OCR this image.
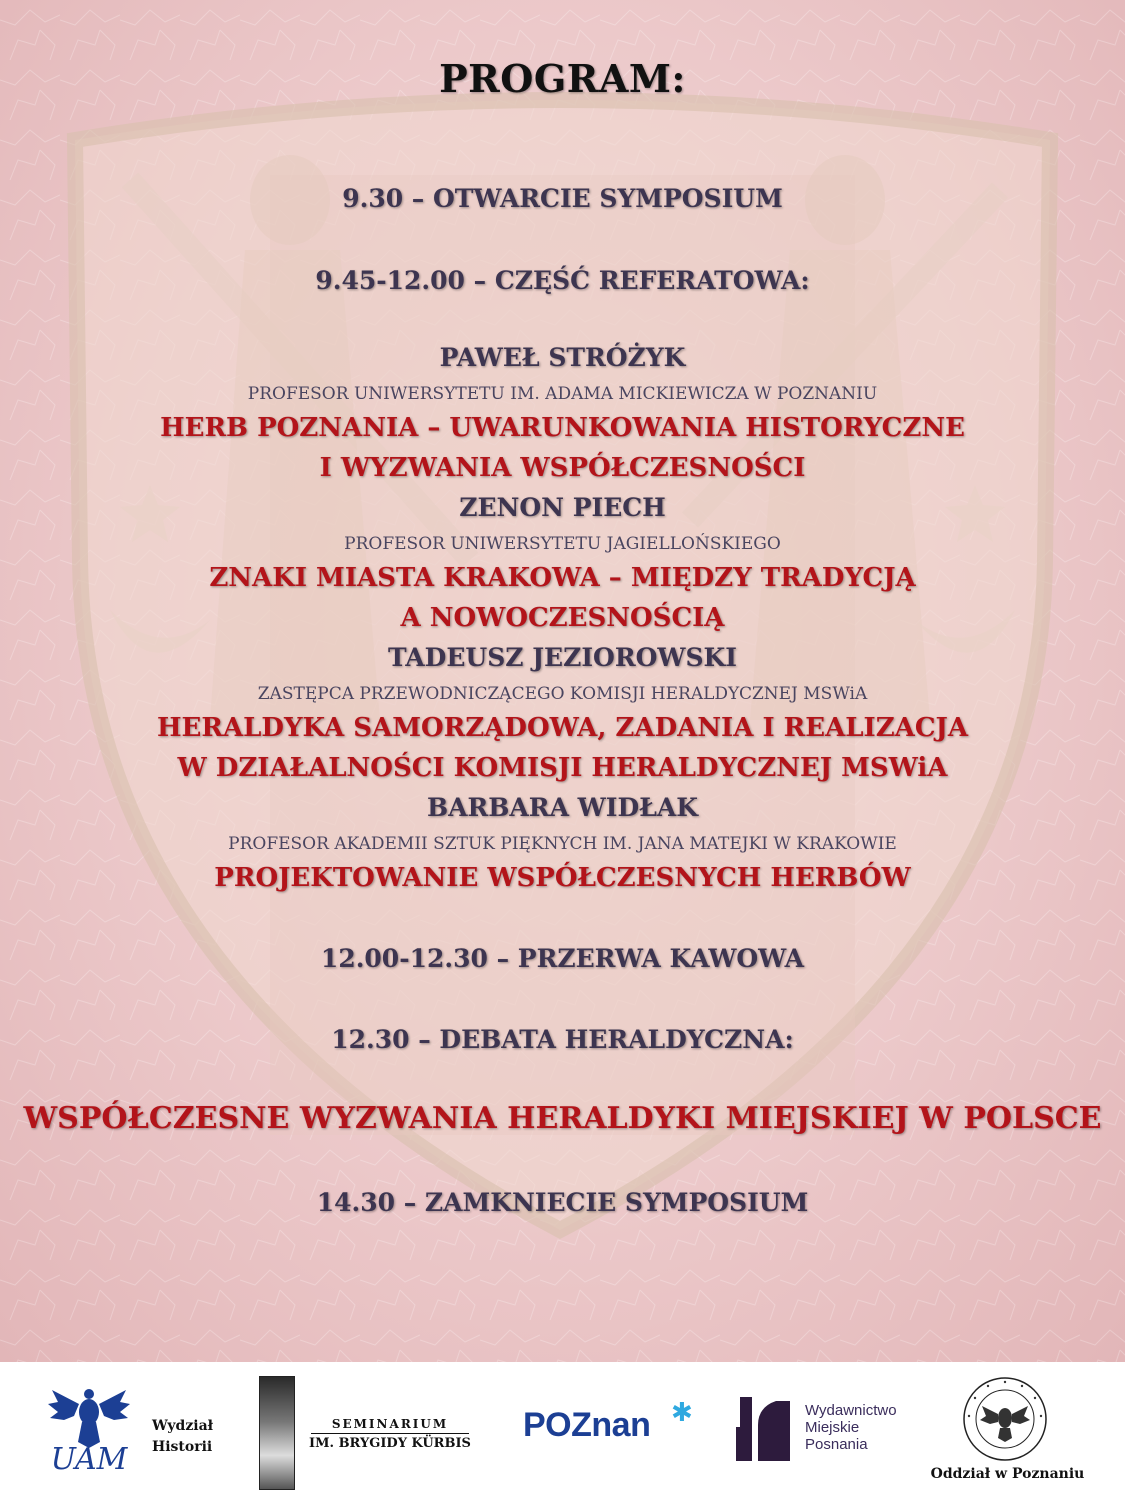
PROGRAM:
9.30 – OTWARCIE SYMPOSIUM
9.45-12.00 – CZĘŚĆ REFERATOWA:
PAWEŁ STRÓŻYK
PROFESOR UNIWERSYTETU IM. ADAMA MICKIEWICZA W POZNANIU
HERB POZNANIA – UWARUNKOWANIA HISTORYCZNE
I WYZWANIA WSPÓŁCZESNOŚCI
ZENON PIECH
PROFESOR UNIWERSYTETU JAGIELLOŃSKIEGO
ZNAKI MIASTA KRAKOWA – MIĘDZY TRADYCJĄ
A NOWOCZESNOŚCIĄ
TADEUSZ JEZIOROWSKI
ZASTĘPCA PRZEWODNICZĄCEGO KOMISJI HERALDYCZNEJ MSWiA
HERALDYKA SAMORZĄDOWA, ZADANIA I REALIZACJA
W DZIAŁALNOŚCI KOMISJI HERALDYCZNEJ MSWiA
BARBARA WIDŁAK
PROFESOR AKADEMII SZTUK PIĘKNYCH IM. JANA MATEJKI W KRAKOWIE
PROJEKTOWANIE WSPÓŁCZESNYCH HERBÓW
12.00-12.30 – PRZERWA KAWOWA
12.30 – DEBATA HERALDYCZNA:
WSPÓŁCZESNE WYZWANIA HERALDYKI MIEJSKIEJ W POLSCE
14.30 – ZAMKNIECIE SYMPOSIUM
UAM
Wydział
Historii
SEMINARIUM
IM. BRYGIDY KÜRBIS POZnan ✱	Wydawnictwo
Miejskie
Posnania
Oddział w Poznaniu
